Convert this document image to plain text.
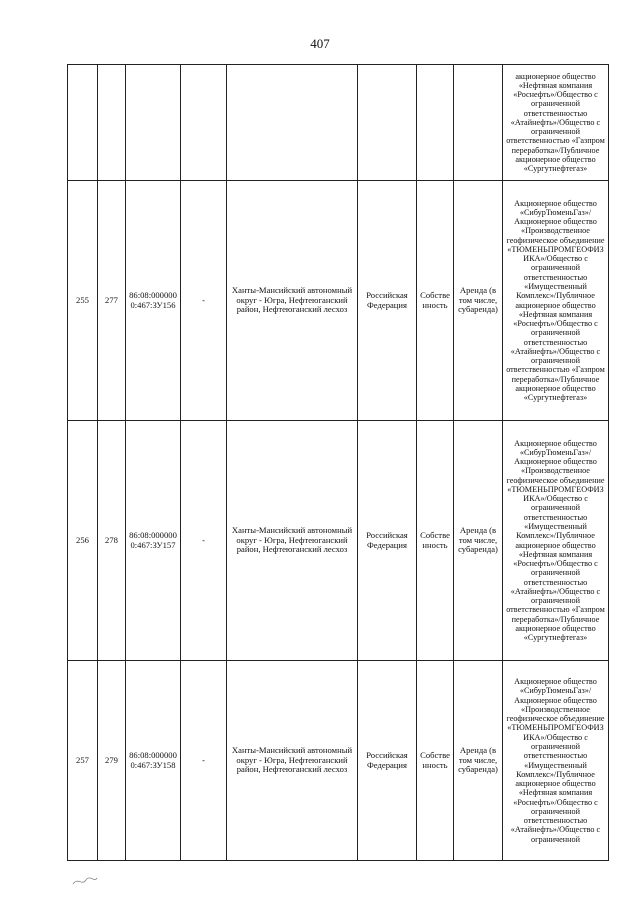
407
								акционерное общество «Нефтяная компания «Роснефть»/Общество с ограниченной ответственностью «Атайнефть»/Общество с ограниченной ответственностью «Газпром переработка»/Публичное акционерное общество «Сургутнефтегаз»
255	277	86:08:0000000:467:ЗУ156	-	Ханты-Мансийский автономный округ - Югра, Нефтеюганский район, Нефтеюганский лесхоз	Российская Федерация	Собственность	Аренда (в том числе, субаренда)	Акционерное общество «СибурТюменьГаз»/Акционерное общество «Производственное геофизическое объединение «ТЮМЕНЬПРОМГЕОФИЗИКА»/Общество с ограниченной ответственностью «Имущественный Комплекс»/Публичное акционерное общество «Нефтяная компания «Роснефть»/Общество с ограниченной ответственностью «Атайнефть»/Общество с ограниченной ответственностью «Газпром переработка»/Публичное акционерное общество «Сургутнефтегаз»
256	278	86:08:0000000:467:ЗУ157	-	Ханты-Мансийский автономный округ - Югра, Нефтеюганский район, Нефтеюганский лесхоз	Российская Федерация	Собственность	Аренда (в том числе, субаренда)	Акционерное общество «СибурТюменьГаз»/Акционерное общество «Производственное геофизическое объединение «ТЮМЕНЬПРОМГЕОФИЗИКА»/Общество с ограниченной ответственностью «Имущественный Комплекс»/Публичное акционерное общество «Нефтяная компания «Роснефть»/Общество с ограниченной ответственностью «Атайнефть»/Общество с ограниченной ответственностью «Газпром переработка»/Публичное акционерное общество «Сургутнефтегаз»
257	279	86:08:0000000:467:ЗУ158	-	Ханты-Мансийский автономный округ - Югра, Нефтеюганский район, Нефтеюганский лесхоз	Российская Федерация	Собственность	Аренда (в том числе, субаренда)	Акционерное общество «СибурТюменьГаз»/Акционерное общество «Производственное геофизическое объединение «ТЮМЕНЬПРОМГЕОФИЗИКА»/Общество с ограниченной ответственностью «Имущественный Комплекс»/Публичное акционерное общество «Нефтяная компания «Роснефть»/Общество с ограниченной ответственностью «Атайнефть»/Общество с ограниченной
